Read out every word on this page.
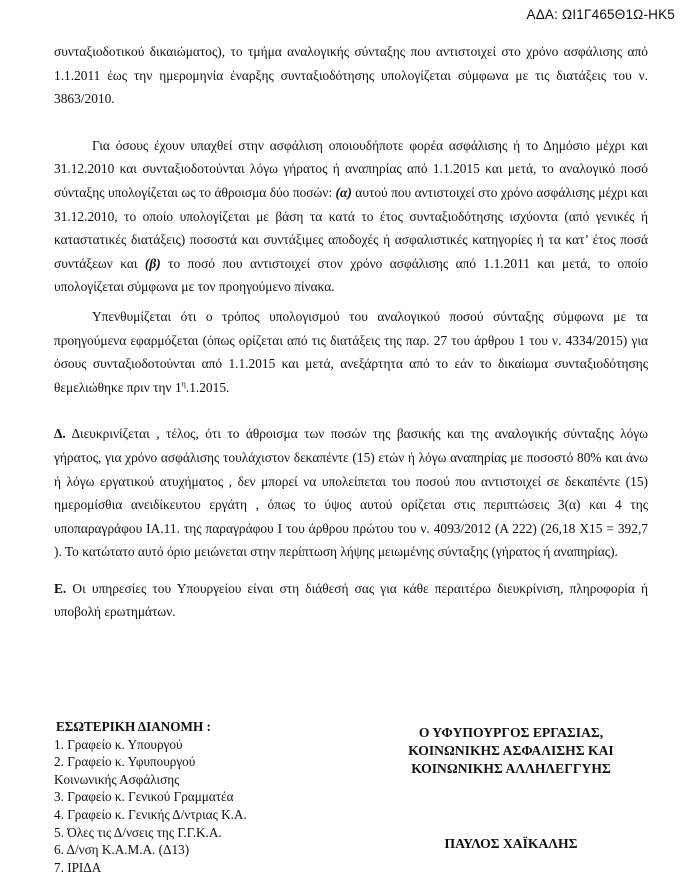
ΑΔΑ: ΩΙ1Γ465Θ1Ω-ΗΚ5

συνταξιοδοτικού δικαιώματος), το τμήμα αναλογικής σύνταξης που αντιστοιχεί στο χρόνο ασφάλισης από 1.1.2011 έως την ημερομηνία έναρξης συνταξιοδότησης υπολογίζεται σύμφωνα με τις διατάξεις του ν. 3863/2010.

Για όσους έχουν υπαχθεί στην ασφάλιση οποιουδήποτε φορέα ασφάλισης ή το Δημόσιο μέχρι και 31.12.2010 και συνταξιοδοτούνται λόγω γήρατος ή αναπηρίας από 1.1.2015 και μετά, το αναλογικό ποσό σύνταξης υπολογίζεται ως το άθροισμα δύο ποσών: (α) αυτού που αντιστοιχεί στο χρόνο ασφάλισης μέχρι και 31.12.2010, το οποίο υπολογίζεται με βάση τα κατά το έτος συνταξιοδότησης ισχύοντα (από γενικές ή καταστατικές διατάξεις) ποσοστά και συντάξιμες αποδοχές ή ασφαλιστικές κατηγορίες ή τα κατ’ έτος ποσά συντάξεων και (β) το ποσό που αντιστοιχεί στον χρόνο ασφάλισης από 1.1.2011 και μετά, το οποίο υπολογίζεται σύμφωνα με τον προηγούμενο πίνακα.
Υπενθυμίζεται ότι ο τρόπος υπολογισμού του αναλογικού ποσού σύνταξης σύμφωνα με τα προηγούμενα εφαρμόζεται (όπως ορίζεται από τις διατάξεις της παρ. 27 του άρθρου 1 του ν. 4334/2015) για όσους συνταξιοδοτούνται από 1.1.2015 και μετά, ανεξάρτητα από το εάν το δικαίωμα συνταξιοδότησης θεμελιώθηκε πριν την $1^\eta.1.2015$.
Δ. Διευκρινίζεται , τέλος, ότι το άθροισμα των ποσών της βασικής και της αναλογικής σύνταξης λόγω γήρατος, για χρόνο ασφάλισης τουλάχιστον δεκαπέντε (15) ετών ή λόγω αναπηρίας με ποσοστό 80% και άνω ή λόγω εργατικού ατυχήματος , δεν μπορεί να υπολείπεται του ποσού που αντιστοιχεί σε δεκαπέντε (15) ημερομίσθια ανειδίκευτου εργάτη , όπως το ύψος αυτού ορίζεται στις περιπτώσεις 3(α) και 4 της υποπαραγράφου ΙΑ.11. της παραγράφου Ι του άρθρου πρώτου του ν. 4093/2012 (Α 222) (26,18 Χ15 = 392,7 ). Το κατώτατο αυτό όριο μειώνεται στην περίπτωση λήψης μειωμένης σύνταξης (γήρατος ή αναπηρίας).
Ε. Οι υπηρεσίες του Υπουργείου είναι στη διάθεσή σας για κάθε περαιτέρω διευκρίνιση, πληροφορία ή υποβολή ερωτημάτων.
ΕΣΩΤΕΡΙΚΗ ΔΙΑΝΟΜΗ :
1. Γραφείο κ. Υπουργού
2. Γραφείο κ. Υφυπουργού
Κοινωνικής Ασφάλισης
3. Γραφείο κ. Γενικού Γραμματέα
4. Γραφείο κ. Γενικής Δ/ντριας Κ.Α.
5. Όλες τις Δ/νσεις της Γ.Γ.Κ.Α.
6. Δ/νση Κ.Α.Μ.Α. (Δ13)
7. ΙΡΙΔΑ
Ο ΥΦΥΠΟΥΡΓΟΣ ΕΡΓΑΣΙΑΣ,
ΚΟΙΝΩΝΙΚΗΣ ΑΣΦΑΛΙΣΗΣ ΚΑΙ
ΚΟΙΝΩΝΙΚΗΣ ΑΛΛΗΛΕΓΓΥΗΣ
ΠΑΥΛΟΣ ΧΑΪΚΑΛΗΣ
